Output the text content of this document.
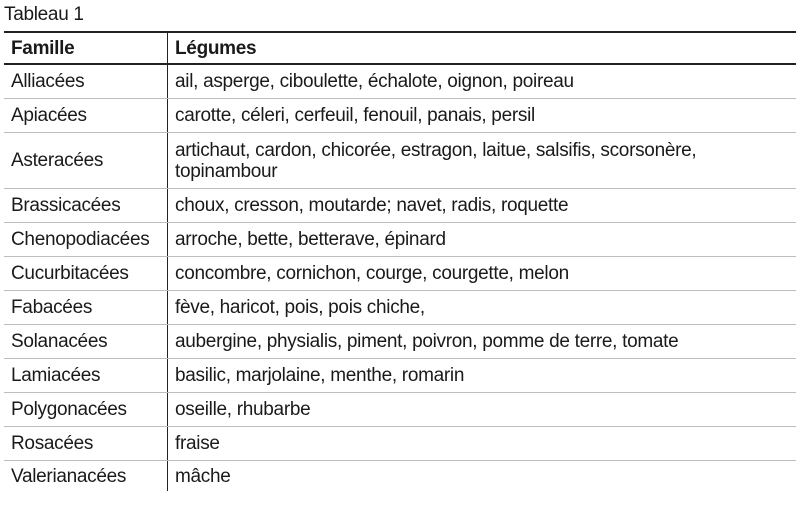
Tableau 1
Famille	Légumes
Alliacées	ail, asperge, ciboulette, échalote, oignon, poireau
Apiacées	carotte, céleri, cerfeuil, fenouil, panais, persil
Asteracées	artichaut, cardon, chicorée, estragon, laitue, salsifis, scorsonère, topinambour
Brassicacées	choux, cresson, moutarde; navet, radis, roquette
Chenopodiacées	arroche, bette, betterave, épinard
Cucurbitacées	concombre, cornichon, courge, courgette, melon
Fabacées	fève, haricot, pois, pois chiche,
Solanacées	aubergine, physialis, piment, poivron, pomme de terre, tomate
Lamiacées	basilic, marjolaine, menthe, romarin
Polygonacées	oseille, rhubarbe
Rosacées	fraise
Valerianacées	mâche
